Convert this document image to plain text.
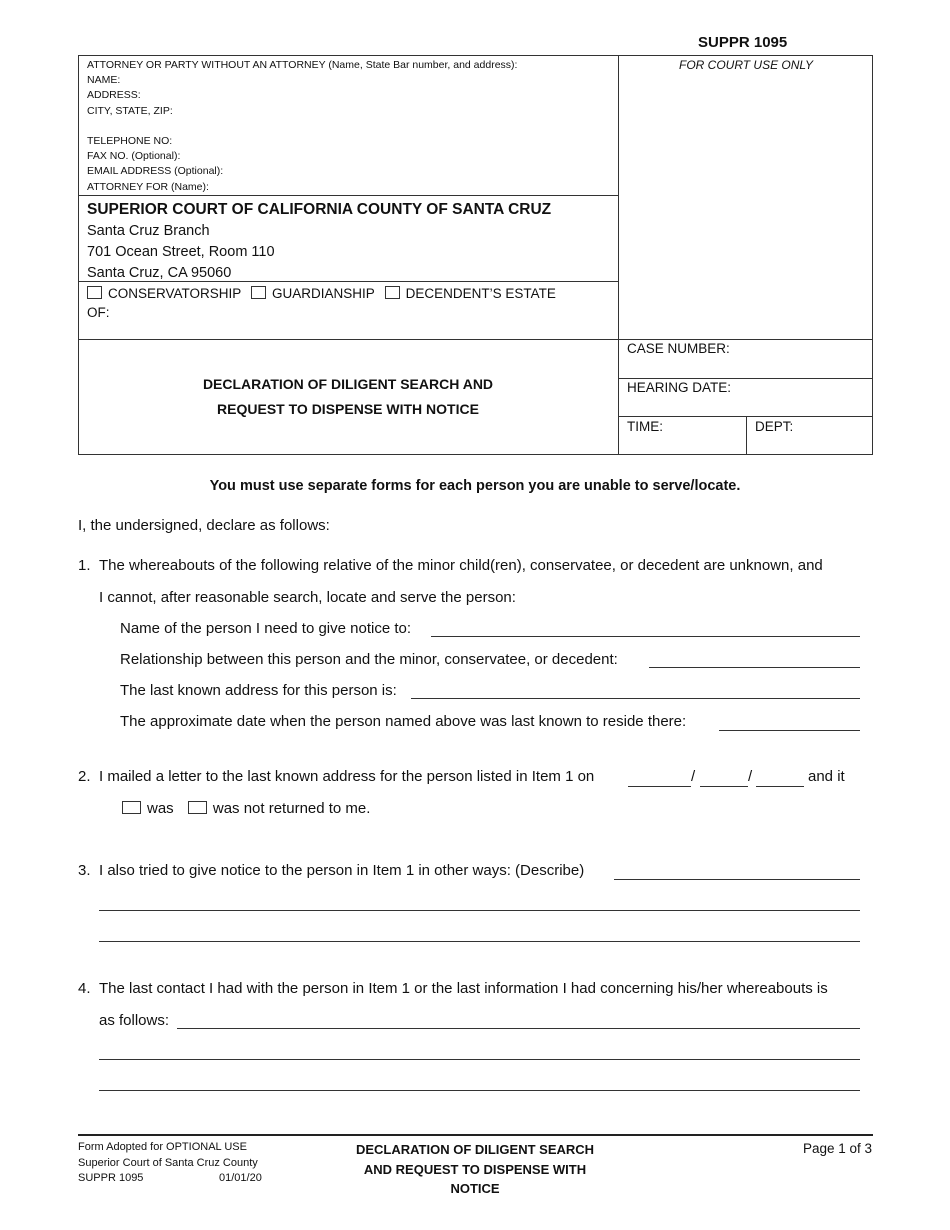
SUPPR 1095
ATTORNEY OR PARTY WITHOUT AN ATTORNEY (Name, State Bar number, and address):
NAME:
ADDRESS:
CITY, STATE, ZIP:
TELEPHONE NO:
FAX NO. (Optional):
EMAIL ADDRESS (Optional):
ATTORNEY FOR (Name):
FOR COURT USE ONLY
SUPERIOR COURT OF CALIFORNIA COUNTY OF SANTA CRUZ
Santa Cruz Branch
701 Ocean Street, Room 110
Santa Cruz, CA 95060
CONSERVATORSHIP GUARDIANSHIP DECENDENT’S ESTATE
OF:
DECLARATION OF DILIGENT SEARCH AND
REQUEST TO DISPENSE WITH NOTICE
CASE NUMBER:
HEARING DATE:
TIME:	DEPT:
You must use separate forms for each person you are unable to serve/locate.
I, the undersigned, declare as follows:
1. The whereabouts of the following relative of the minor child(ren), conservatee, or decedent are unknown, and
I cannot, after reasonable search, locate and serve the person:
Name of the person I need to give notice to:
Relationship between this person and the minor, conservatee, or decedent:
The last known address for this person is:
The approximate date when the person named above was last known to reside there:
2. I mailed a letter to the last known address for the person listed in Item 1 on	/	/	and it
was	was not returned to me.
3. I also tried to give notice to the person in Item 1 in other ways: (Describe)
4. The last contact I had with the person in Item 1 or the last information I had concerning his/her whereabouts is
as follows:
Form Adopted for OPTIONAL USE
Superior Court of Santa Cruz County
SUPPR 1095	01/01/20
DECLARATION OF DILIGENT SEARCH
AND REQUEST TO DISPENSE WITH
NOTICE
Page 1 of 3
